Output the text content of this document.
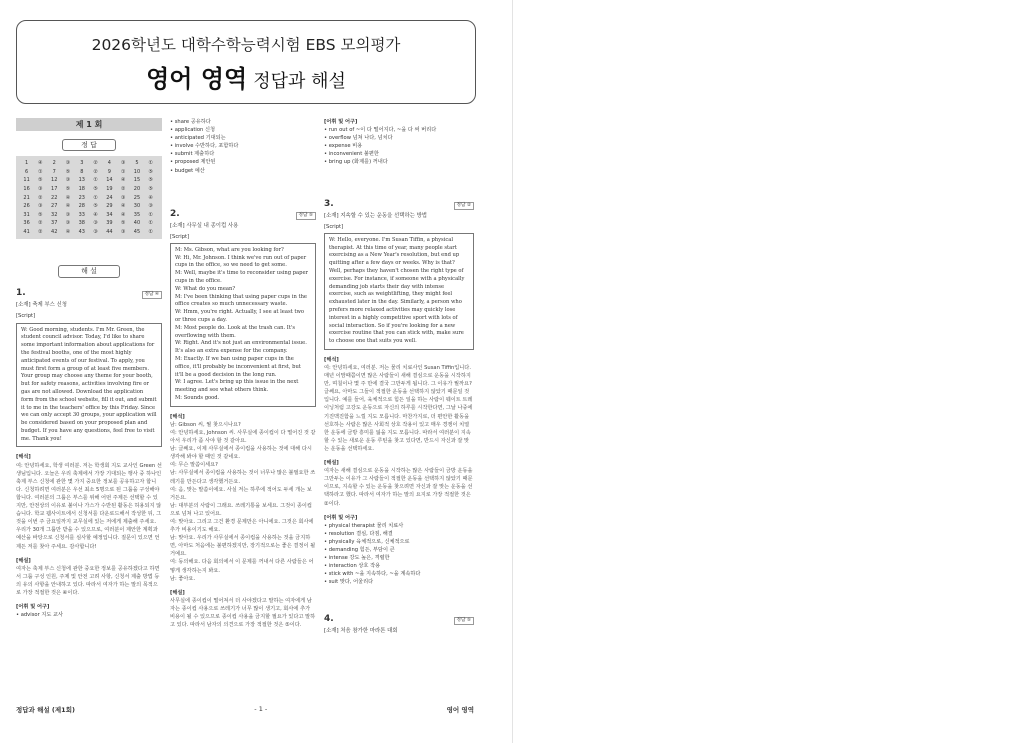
2026학년도 대학수학능력시험 EBS 모의평가
영어 영역 정답과 해설
제 1 회
정 답
1	④	2	③	3	②	4	③	5	①
6	①	7	⑤	8	②	9	①	10	⑤
11	⑤	12	③	13	①	14	④	15	⑤
16	③	17	⑤	18	⑤	19	②	20	⑤
21	②	22	④	23	①	24	③	25	④
26	③	27	④	28	⑤	29	④	30	③
31	⑤	32	③	33	④	34	④	35	①
36	②	37	③	38	③	39	⑤	40	①
41	②	42	④	43	③	44	③	45	①
해 설
1.	정답 ④
[소재] 축제 부스 신청
[Script]
W: Good morning, students. I'm Mr. Green, the student council advisor. Today, I'd like to share some important information about applications for the festival booths, one of the most highly anticipated events of our festival. To apply, you must first form a group of at least five members. Your group may choose any theme for your booth, but for safety reasons, activities involving fire or gas are not allowed. Download the application form from the school website, fill it out, and submit it to me in the teachers' office by this Friday. Since we can only accept 30 groups, your application will be considered based on your proposed plan and budget. If you have any questions, feel free to visit me. Thank you!
[해석]
여: 안녕하세요, 학생 여러분. 저는 학생회 지도 교사인 Green 선생님입니다. 오늘은 우리 축제에서 가장 기대되는 행사 중 하나인 축제 부스 신청에 관한 몇 가지 중요한 정보를 공유하고자 합니다. 신청하려면 여러분은 우선 최소 5명으로 된 그룹을 구성해야 합니다. 여러분의 그룹은 부스를 위해 어떤 주제든 선택할 수 있지만, 안전상의 이유로 불이나 가스가 수반된 활동은 허용되지 않습니다. 학교 웹사이트에서 신청서를 다운로드해서 작성한 뒤, 그것을 이번 주 금요일까지 교무실에 있는 저에게 제출해 주세요. 우리가 30개 그룹만 받을 수 있으므로, 여러분이 제안한 계획과 예산을 바탕으로 신청서를 심사할 예정입니다. 질문이 있으면 언제든 저를 찾아 주세요. 감사합니다!
[해설]
여자는 축제 부스 신청에 관한 중요한 정보를 공유하겠다고 하면서 그룹 구성 인원, 주제 및 안전 고려 사항, 신청서 제출 방법 등의 유의 사항을 안내하고 있다. 따라서 여자가 하는 말의 목적으로 가장 적절한 것은 ④이다.
[어휘 및 어구]
• advisor 지도 교사
• share 공유하다
• application 신청
• anticipated 기대되는
• involve 수반하다, 포함하다
• submit 제출하다
• proposed 제안된
• budget 예산
2.	정답 ⑤
[소재] 사무실 내 종이컵 사용
[Script]
M: Ms. Gibson, what are you looking for?
W: Hi, Mr. Johnson. I think we've run out of paper cups in the office, so we need to get some.
M: Well, maybe it's time to reconsider using paper cups in the office.
W: What do you mean?
M: I've been thinking that using paper cups in the office creates so much unnecessary waste.
W: Hmm, you're right. Actually, I see at least two or three cups a day.
M: Most people do. Look at the trash can. It's overflowing with them.
W: Right. And it's not just an environmental issue. It's also an extra expense for the company.
M: Exactly. If we ban using paper cups in the office, it'll probably be inconvenient at first, but it'll be a good decision in the long run.
W: I agree. Let's bring up this issue in the next meeting and see what others think.
M: Sounds good.
[해석]
남: Gibson 씨, 뭘 찾으시나요?
여: 안녕하세요, Johnson 씨. 사무실에 종이컵이 다 떨어진 것 같아서 우리가 좀 사야 할 것 같아요.
남: 글쎄요, 이제 사무실에서 종이컵을 사용하는 것에 대해 다시 생각해 봐야 할 때인 것 같네요.
여: 무슨 말씀이세요?
남: 사무실에서 종이컵을 사용하는 것이 너무나 많은 불필요한 쓰레기를 만든다고 생각했거든요.
여: 음, 맞는 말씀이에요. 사실 저는 하루에 적어도 두세 개는 보거든요.
남: 대부분의 사람이 그래요. 쓰레기통을 보세요. 그것이 종이컵으로 넘쳐 나고 있어요.
여: 맞아요. 그리고 그건 환경 문제만은 아니에요. 그것은 회사에 추가 비용이기도 해요.
남: 맞아요. 우리가 사무실에서 종이컵을 사용하는 것을 금지하면, 아마도 처음에는 불편하겠지만, 장기적으로는 좋은 결정이 될 거예요.
여: 동의해요. 다음 회의에서 이 문제를 꺼내서 다른 사람들은 어떻게 생각하는지 봐요.
남: 좋아요.
[해설]
사무실에 종이컵이 떨어져서 더 사야겠다고 말하는 여자에게 남자는 종이컵 사용으로 쓰레기가 너무 많이 생기고, 회사에 추가 비용이 될 수 있으므로 종이컵 사용을 금지할 필요가 있다고 말하고 있다. 따라서 남자의 의견으로 가장 적절한 것은 ⑤이다.
[어휘 및 어구]
• run out of ~이 다 떨어지다, ~을 다 써 버리다
• overflow 넘쳐 나다, 넘치다
• expense 비용
• inconvenient 불편한
• bring up (화제를) 꺼내다
3.	정답 ②
[소재] 지속할 수 있는 운동을 선택하는 방법
[Script]
W: Hello, everyone. I'm Susan Tiffin, a physical therapist. At this time of year, many people start exercising as a New Year's resolution, but end up quitting after a few days or weeks. Why is that? Well, perhaps they haven't chosen the right type of exercise. For instance, if someone with a physically demanding job starts their day with intense exercise, such as weightlifting, they might feel exhausted later in the day. Similarly, a person who prefers more relaxed activities may quickly lose interest in a highly competitive sport with lots of social interaction. So if you're looking for a new exercise routine that you can stick with, make sure to choose one that suits you well.
[해석]
여: 안녕하세요, 여러분. 저는 물리 치료사인 Susan Tiffin입니다. 매년 이맘때쯤이면 많은 사람들이 새해 결심으로 운동을 시작하지만, 며칠이나 몇 주 만에 결국 그만두게 됩니다. 그 이유가 뭘까요? 글쎄요, 아마도 그들이 적절한 운동을 선택하지 않았기 때문일 것입니다. 예를 들어, 육체적으로 힘든 일을 하는 사람이 웨이트 트레이닝처럼 고강도 운동으로 자신의 하루를 시작한다면, 그날 나중에 기진맥진함을 느낄 지도 모릅니다. 마찬가지로, 더 편안한 활동을 선호하는 사람은 많은 사회적 상호 작용이 있고 매우 경쟁이 치열한 운동에 금방 흥미를 잃을 지도 모릅니다. 따라서 여러분이 지속할 수 있는 새로운 운동 루틴을 찾고 있다면, 반드시 자신과 잘 맞는 운동을 선택하세요.
[해설]
여자는 새해 결심으로 운동을 시작하는 많은 사람들이 금방 운동을 그만두는 이유가 그 사람들이 적절한 운동을 선택하지 않았기 때문이므로, 지속할 수 있는 운동을 찾으려면 자신과 잘 맞는 운동을 선택하라고 했다. 따라서 여자가 하는 말의 요지로 가장 적절한 것은 ②이다.
[어휘 및 어구]
• physical therapist 물리 치료사
• resolution 결심, 다짐, 해결
• physically 육체적으로, 신체적으로
• demanding 힘든, 부담이 큰
• intense 강도 높은, 격렬한
• interaction 상호 작용
• stick with ~을 지속하다, ~을 계속하다
• suit 맞다, 어울리다
4.	정답 ⑤
[소재] 처음 참가한 마라톤 대회
정답과 해설 (제1회)	- 1 -	영어 영역
